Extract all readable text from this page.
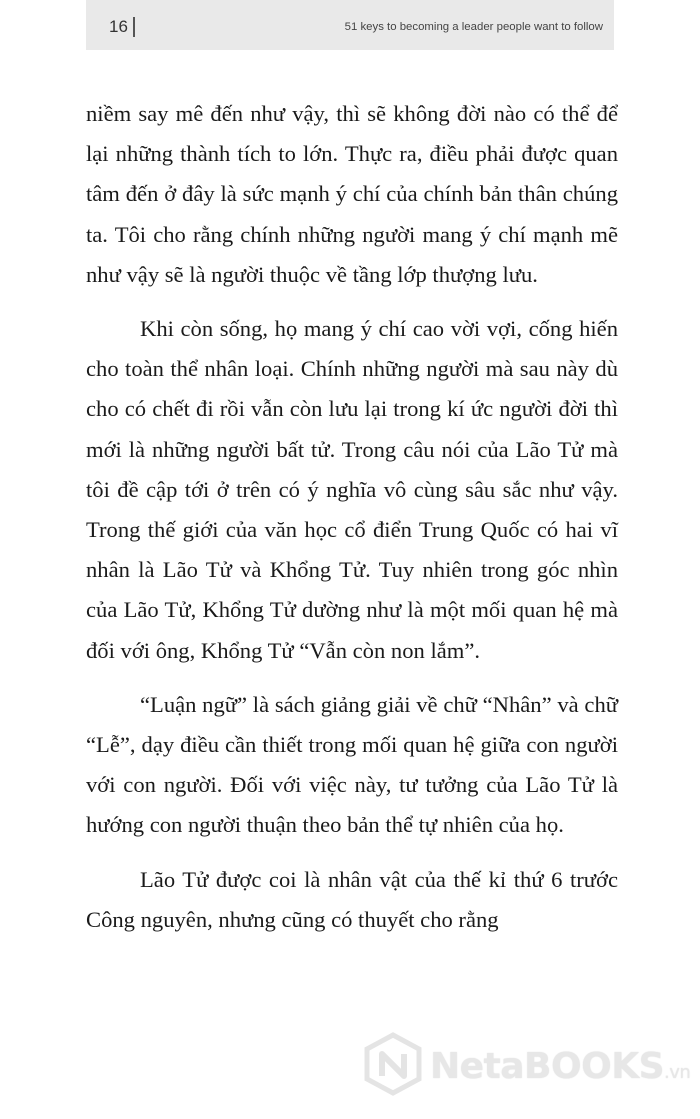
16	51 keys to becoming a leader people want to follow

niềm say mê đến như vậy, thì sẽ không đời nào có thể để lại những thành tích to lớn. Thực ra, điều phải được quan tâm đến ở đây là sức mạnh ý chí của chính bản thân chúng ta. Tôi cho rằng chính những người mang ý chí mạnh mẽ như vậy sẽ là người thuộc về tầng lớp thượng lưu.

Khi còn sống, họ mang ý chí cao vời vợi, cống hiến cho toàn thể nhân loại. Chính những người mà sau này dù cho có chết đi rồi vẫn còn lưu lại trong kí ức người đời thì mới là những người bất tử. Trong câu nói của Lão Tử mà tôi đề cập tới ở trên có ý nghĩa vô cùng sâu sắc như vậy. Trong thế giới của văn học cổ điển Trung Quốc có hai vĩ nhân là Lão Tử và Khổng Tử. Tuy nhiên trong góc nhìn của Lão Tử, Khổng Tử dường như là một mối quan hệ mà đối với ông, Khổng Tử “Vẫn còn non lắm”.

“Luận ngữ” là sách giảng giải về chữ “Nhân” và chữ “Lễ”, dạy điều cần thiết trong mối quan hệ giữa con người với con người. Đối với việc này, tư tưởng của Lão Tử là hướng con người thuận theo bản thể tự nhiên của họ.

Lão Tử được coi là nhân vật của thế kỉ thứ 6 trước Công nguyên, nhưng cũng có thuyết cho rằng

NetaBOOKS.vn
